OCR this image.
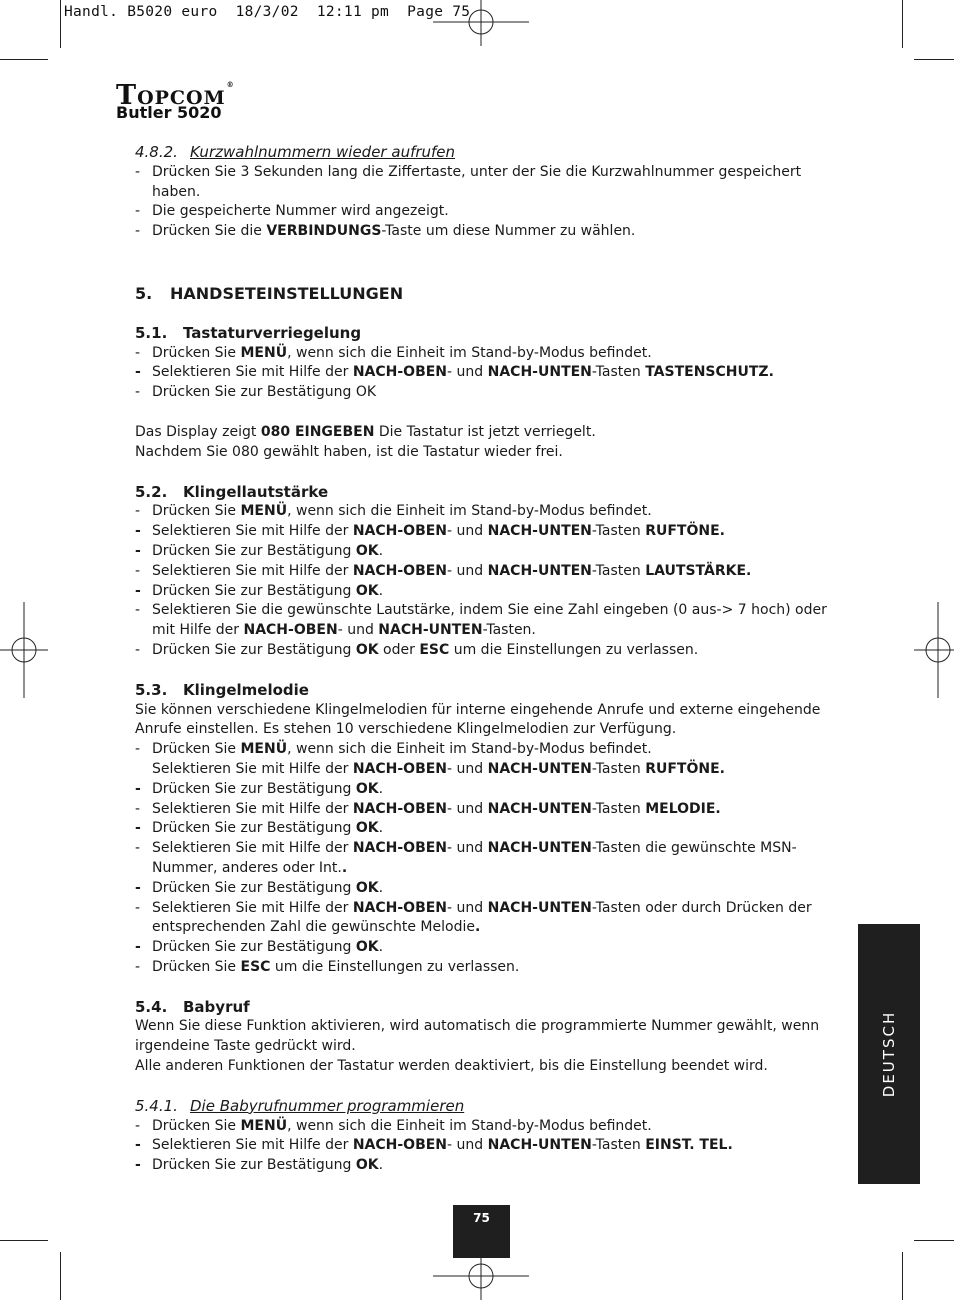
Handl. B5020 euro  18/3/02  12:11 pm  Page 75
TOPCOM®
Butler 5020

4.8.2. Kurzwahlnummern wieder aufrufen

- Drücken Sie 3 Sekunden lang die Ziffertaste, unter der Sie die Kurzwahlnummer gespeichert haben.
- Die gespeicherte Nummer wird angezeigt.
- Drücken Sie die VERBINDUNGS-Taste um diese Nummer zu wählen.

5. HANDSETEINSTELLUNGEN

5.1. Tastaturverriegelung

- Drücken Sie MENÜ, wenn sich die Einheit im Stand-by-Modus befindet.
- Selektieren Sie mit Hilfe der NACH-OBEN- und NACH-UNTEN-Tasten TASTENSCHUTZ.
- Drücken Sie zur Bestätigung OK

Das Display zeigt 080 EINGEBEN Die Tastatur ist jetzt verriegelt.

Nachdem Sie 080 gewählt haben, ist die Tastatur wieder frei.

5.2. Klingellautstärke

- Drücken Sie MENÜ, wenn sich die Einheit im Stand-by-Modus befindet.
- Selektieren Sie mit Hilfe der NACH-OBEN- und NACH-UNTEN-Tasten RUFTÖNE.
- Drücken Sie zur Bestätigung OK.
- Selektieren Sie mit Hilfe der NACH-OBEN- und NACH-UNTEN-Tasten LAUTSTÄRKE.
- Drücken Sie zur Bestätigung OK.
- Selektieren Sie die gewünschte Lautstärke, indem Sie eine Zahl eingeben (0 aus-> 7 hoch) oder mit Hilfe der NACH-OBEN- und NACH-UNTEN-Tasten.
- Drücken Sie zur Bestätigung OK oder ESC um die Einstellungen zu verlassen.

5.3. Klingelmelodie

Sie können verschiedene Klingelmelodien für interne eingehende Anrufe und externe eingehende Anrufe einstellen. Es stehen 10 verschiedene Klingelmelodien zur Verfügung.

- Drücken Sie MENÜ, wenn sich die Einheit im Stand-by-Modus befindet.
Selektieren Sie mit Hilfe der NACH-OBEN- und NACH-UNTEN-Tasten RUFTÖNE.
- Drücken Sie zur Bestätigung OK.
- Selektieren Sie mit Hilfe der NACH-OBEN- und NACH-UNTEN-Tasten MELODIE.
- Drücken Sie zur Bestätigung OK.
- Selektieren Sie mit Hilfe der NACH-OBEN- und NACH-UNTEN-Tasten die gewünschte MSN-Nummer, anderes oder Int..
- Drücken Sie zur Bestätigung OK.
- Selektieren Sie mit Hilfe der NACH-OBEN- und NACH-UNTEN-Tasten oder durch Drücken der entsprechenden Zahl die gewünschte Melodie.
- Drücken Sie zur Bestätigung OK.
- Drücken Sie ESC um die Einstellungen zu verlassen.

5.4. Babyruf

Wenn Sie diese Funktion aktivieren, wird automatisch die programmierte Nummer gewählt, wenn irgendeine Taste gedrückt wird.

Alle anderen Funktionen der Tastatur werden deaktiviert, bis die Einstellung beendet wird.

5.4.1. Die Babyrufnummer programmieren

- Drücken Sie MENÜ, wenn sich die Einheit im Stand-by-Modus befindet.
- Selektieren Sie mit Hilfe der NACH-OBEN- und NACH-UNTEN-Tasten EINST. TEL.
- Drücken Sie zur Bestätigung OK.
DEUTSCH
75
